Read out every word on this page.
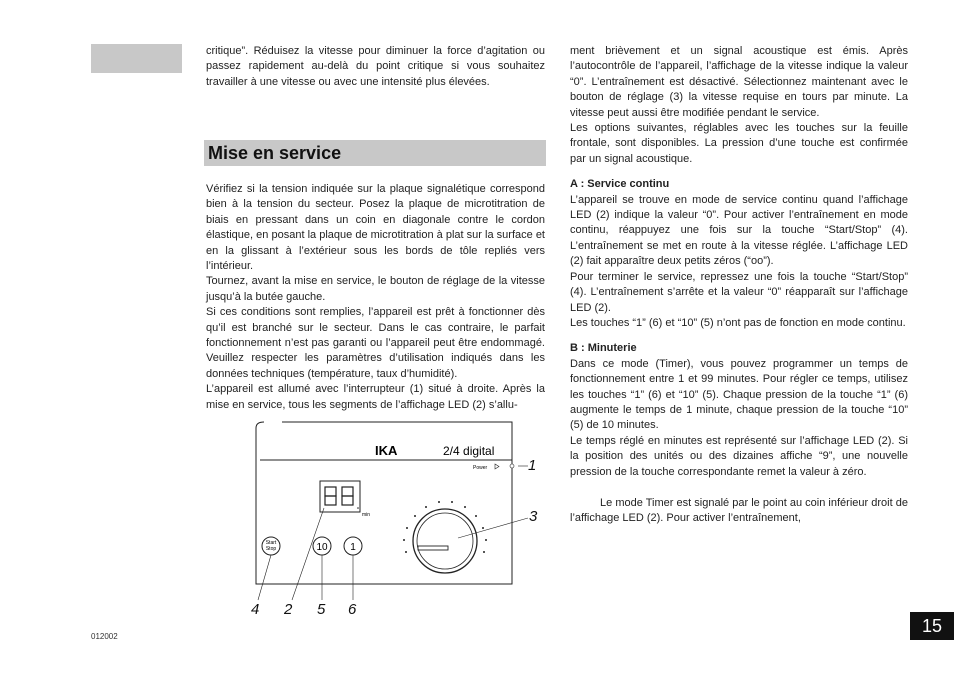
critique”. Réduisez la vitesse pour diminuer la force d’agitation ou passez rapidement au-delà du point critique si vous souhaitez travailler à une vitesse ou avec une intensité plus élevées.

Mise en service

Vérifiez si la tension indiquée sur la plaque signalétique correspond bien à la tension du secteur. Posez la plaque de microtitration de biais en pressant dans un coin en diagonale contre le cordon élastique, en posant la plaque de microtitration à plat sur la surface et en la glissant à l’extérieur sous les bords de tôle repliés vers l’intérieur.

Tournez, avant la mise en service, le bouton de réglage de la vitesse jusqu’à la butée gauche.

Si ces conditions sont remplies, l’appareil est prêt à fonctionner dès qu’il est branché sur le secteur. Dans le cas contraire, le parfait fonctionnement n’est pas garanti ou l’appareil peut être endommagé. Veuillez respecter les paramètres d’utilisation indiqués dans les données techniques (température, taux d’humidité).

L’appareil est allumé avec l’interrupteur (1) situé à droite. Après la mise en service, tous les segments de l’affichage LED (2) s’allu-

ment brièvement et un signal acoustique est émis. Après l’autocontrôle de l’appareil, l’affichage de la vitesse indique la valeur “0”. L’entraînement est désactivé. Sélectionnez maintenant avec le bouton de réglage (3) la vitesse requise en tours par minute. La vitesse peut aussi être modifiée pendant le service.

Les options suivantes, réglables avec les touches sur la feuille frontale, sont disponibles. La pression d’une touche est confirmée par un signal acoustique.

A : Service continu

L’appareil se trouve en mode de service continu quand l’affichage LED (2) indique la valeur “0”. Pour activer l’entraînement en mode continu, réappuyez une fois sur la touche “Start/Stop” (4). L’entraînement se met en route à la vitesse réglée. L’affichage LED (2) fait apparaître deux petits zéros (“oo”).

Pour terminer le service, repressez une fois la touche “Start/Stop” (4). L’entraînement s’arrête et la valeur “0” réapparaît sur l’affichage LED (2).

Les touches “1” (6) et “10” (5) n’ont pas de fonction en mode continu.

B : Minuterie

Dans ce mode (Timer), vous pouvez programmer un temps de fonctionnement entre 1 et 99 minutes. Pour régler ce temps, utilisez les touches “1” (6) et “10” (5). Chaque pression de la touche “1” (6) augmente le temps de 1 minute, chaque pression de la touche “10” (5) de 10 minutes.

Le temps réglé en minutes est représenté sur l’affichage LED (2). Si la position des unités ou des dizaines affiche “9”, une nouvelle pression de la touche correspondante remet la valeur à zéro.

Le mode Timer est signalé par le point au coin inférieur droit de l’affichage LED (2). Pour activer l’entraînement,

IKA	2/4 digital
Power
min
Start
Stop	10 1
1
2
3
4	5 6
012002
15
